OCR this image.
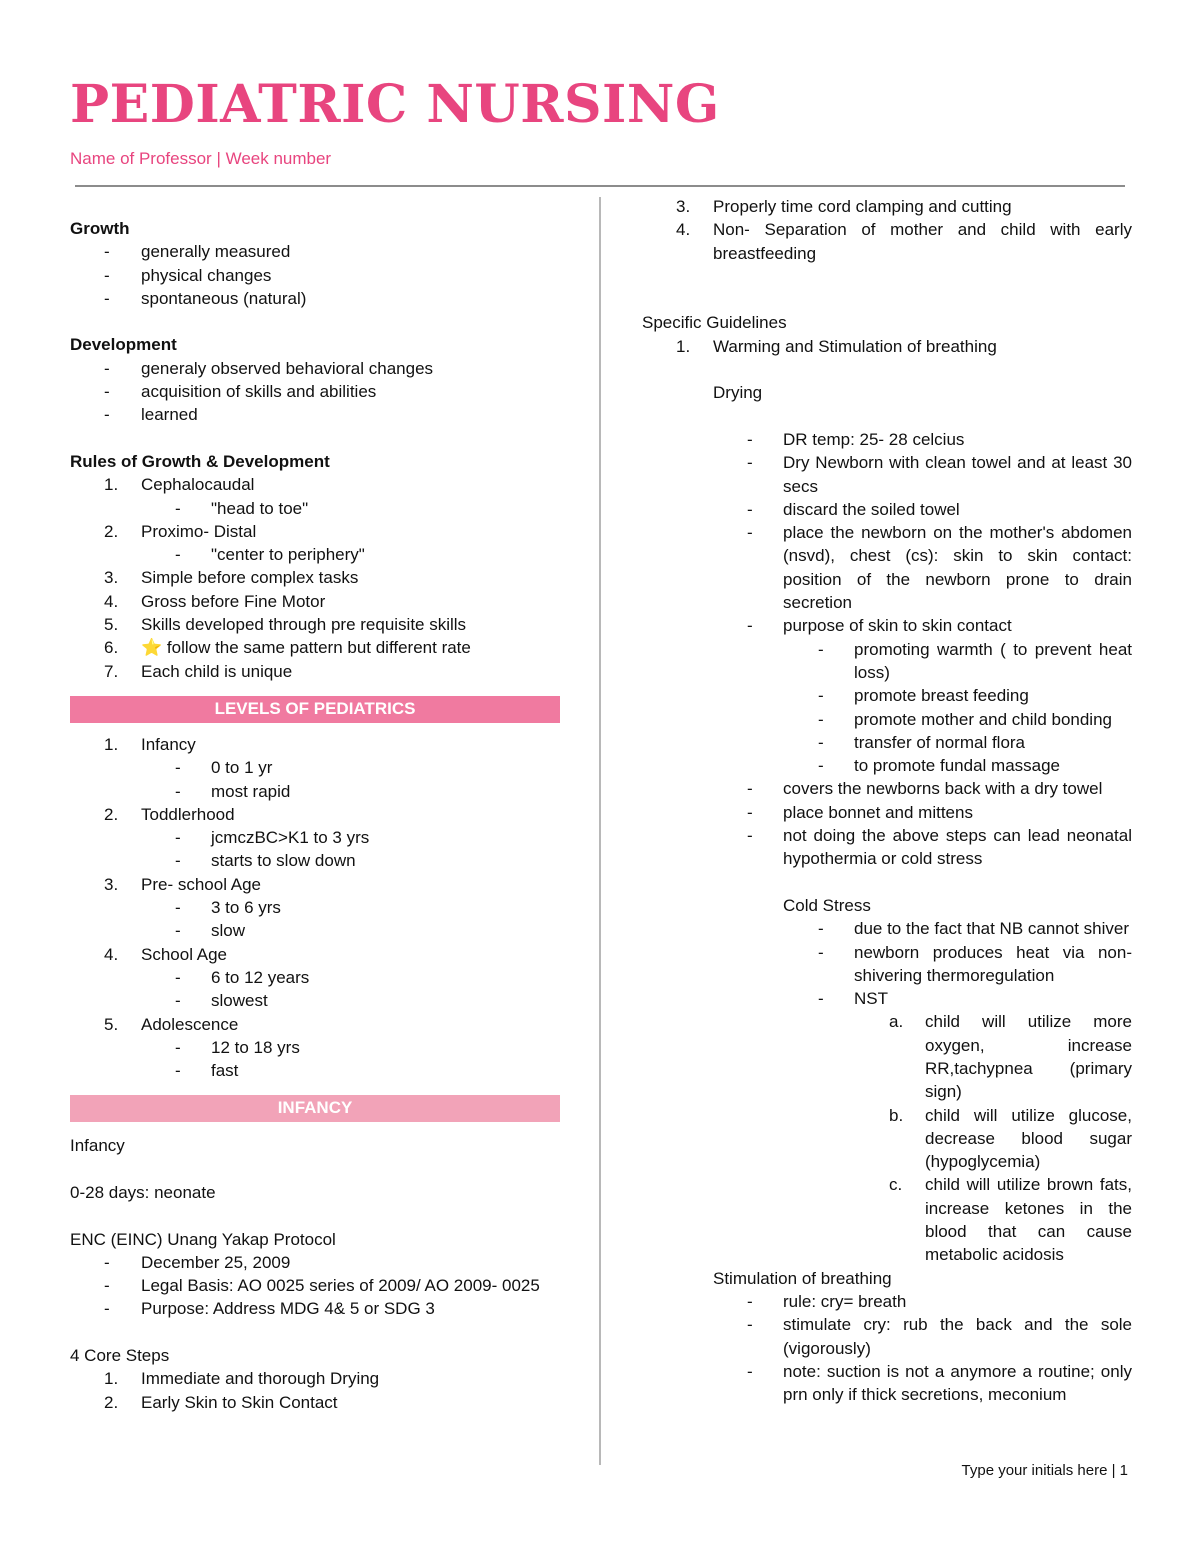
PEDIATRIC NURSING
Name of Professor | Week number
Growth
- generally measured
- physical changes
- spontaneous (natural)
Development
- generaly observed behavioral changes
- acquisition of skills and abilities
- learned
Rules of Growth & Development
1. Cephalocaudal
- "head to toe"
2. Proximo- Distal
- "center to periphery"
3. Simple before complex tasks
4. Gross before Fine Motor
5. Skills developed through pre requisite skills
6. ⭐ follow the same pattern but different rate
7. Each child is unique
LEVELS OF PEDIATRICS
1. Infancy
- 0 to 1 yr
- most rapid
2. Toddlerhood
- jcmczBC>K1 to 3 yrs
- starts to slow down
3. Pre- school Age
- 3 to 6 yrs
- slow
4. School Age
- 6 to 12 years
- slowest
5. Adolescence
- 12 to 18 yrs
- fast
INFANCY
Infancy
0-28 days: neonate
ENC (EINC) Unang Yakap Protocol
- December 25, 2009
- Legal Basis: AO 0025 series of 2009/ AO 2009- 0025
- Purpose: Address MDG 4& 5 or SDG 3
4 Core Steps
1. Immediate and thorough Drying
2. Early Skin to Skin Contact
3. Properly time cord clamping and cutting
4. Non- Separation of mother and child with early breastfeeding
Specific Guidelines
1. Warming and Stimulation of breathing
Drying
- DR temp: 25- 28 celcius
- Dry Newborn with clean towel and at least 30 secs
- discard the soiled towel
- place the newborn on the mother's abdomen (nsvd), chest (cs): skin to skin contact: position of the newborn prone to drain secretion
- purpose of skin to skin contact
- promoting warmth ( to prevent heat loss)
- promote breast feeding
- promote mother and child bonding
- transfer of normal flora
- to promote fundal massage
- covers the newborns back with a dry towel
- place bonnet and mittens
- not doing the above steps can lead neonatal hypothermia or cold stress
Cold Stress
- due to the fact that NB cannot shiver
- newborn produces heat via non-shivering thermoregulation
- NST
a. child will utilize more oxygen, increase RR,tachypnea (primary sign)
b. child will utilize glucose, decrease blood sugar (hypoglycemia)
c. child will utilize brown fats, increase ketones in the blood that can cause metabolic acidosis
Stimulation of breathing
- rule: cry= breath
- stimulate cry: rub the back and the sole (vigorously)
- note: suction is not a anymore a routine; only prn only if thick secretions, meconium
Type your initials here | 1
